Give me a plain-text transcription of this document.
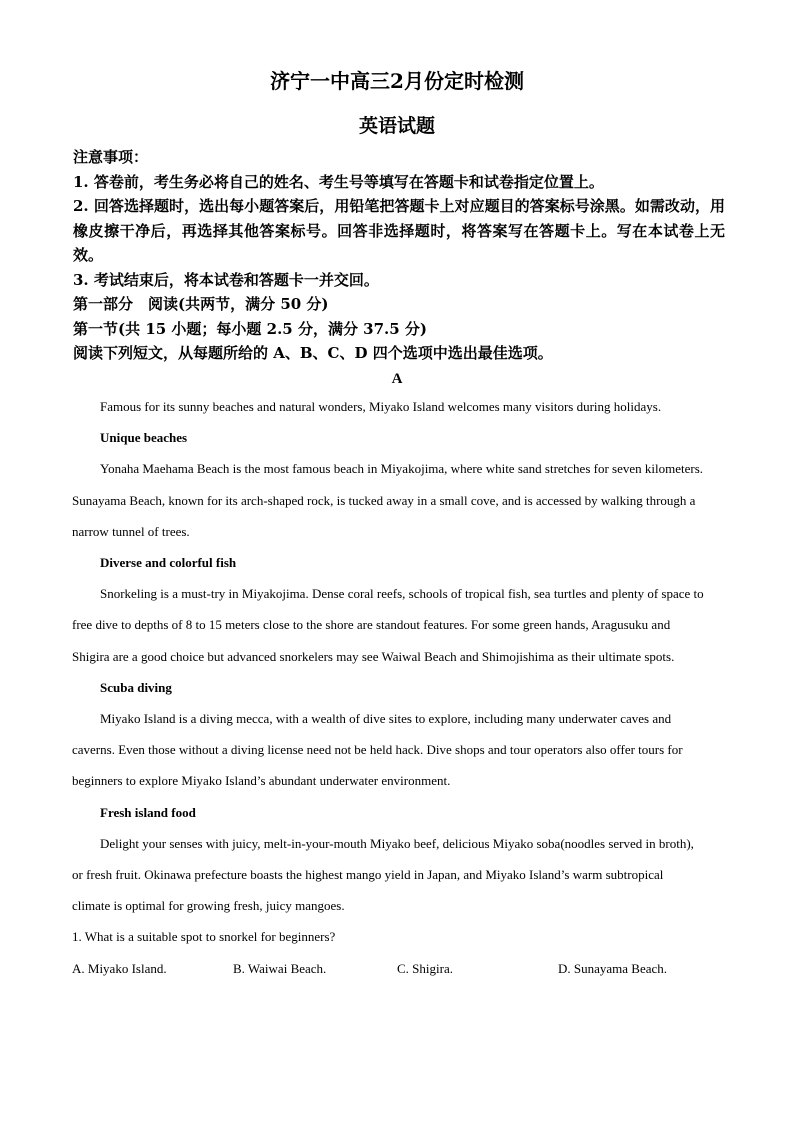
济宁一中高三2月份定时检测
英语试题

注意事项：

1. 答卷前，考生务必将自己的姓名、考生号等填写在答题卡和试卷指定位置上。

2. 回答选择题时，选出每小题答案后，用铅笔把答题卡上对应题目的答案标号涂黑。如需改动，用橡皮擦干净后，再选择其他答案标号。回答非选择题时，将答案写在答题卡上。写在本试卷上无效。

3. 考试结束后，将本试卷和答题卡一并交回。

第一部分　阅读(共两节，满分 50 分)

第一节(共 15 小题；每小题 2.5 分，满分 37.5 分)

阅读下列短文，从每题所给的 A、B、C、D 四个选项中选出最佳选项。

A

Famous for its sunny beaches and natural wonders, Miyako Island welcomes many visitors during holidays.

Unique beaches

Yonaha Maehama Beach is the most famous beach in Miyakojima, where white sand stretches for seven kilometers. Sunayama Beach, known for its arch-shaped rock, is tucked away in a small cove, and is accessed by walking through a narrow tunnel of trees.

Diverse and colorful fish

Snorkeling is a must-try in Miyakojima. Dense coral reefs, schools of tropical fish, sea turtles and plenty of space to free dive to depths of 8 to 15 meters close to the shore are standout features. For some green hands, Aragusuku and Shigira are a good choice but advanced snorkelers may see Waiwal Beach and Shimojishima as their ultimate spots.

Scuba diving

Miyako Island is a diving mecca, with a wealth of dive sites to explore, including many underwater caves and caverns. Even those without a diving license need not be held hack. Dive shops and tour operators also offer tours for beginners to explore Miyako Island’s abundant underwater environment.

Fresh island food

Delight your senses with juicy, melt-in-your-mouth Miyako beef, delicious Miyako soba(noodles served in broth), or fresh fruit. Okinawa prefecture boasts the highest mango yield in Japan, and Miyako Island’s warm subtropical climate is optimal for growing fresh, juicy mangoes.

1. What is a suitable spot to snorkel for beginners?

A. Miyako Island.	B. Waiwai Beach.	C. Shigira.	D. Sunayama Beach.
